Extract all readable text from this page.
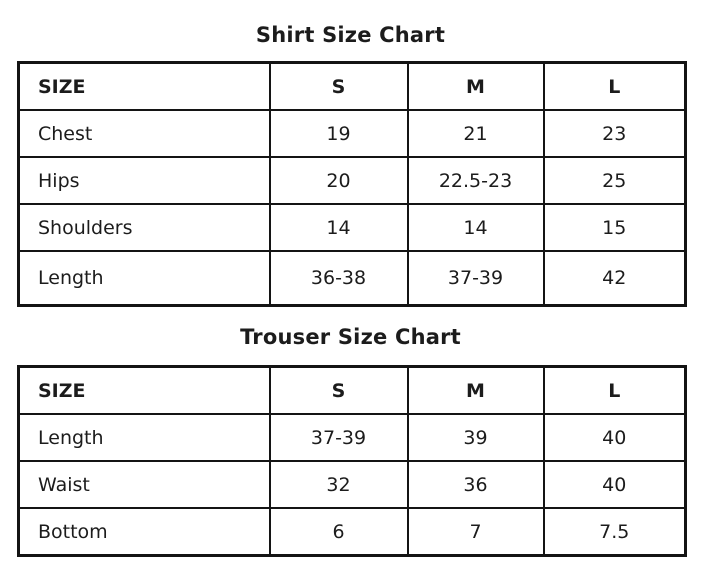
Shirt Size Chart
SIZE	S	M	L
Chest	19	21	23
Hips	20	22.5-23	25
Shoulders	14	14	15
Length	36-38	37-39	42
Trouser Size Chart
SIZE	S	M	L
Length	37-39	39	40
Waist	32	36	40
Bottom	6	7	7.5
